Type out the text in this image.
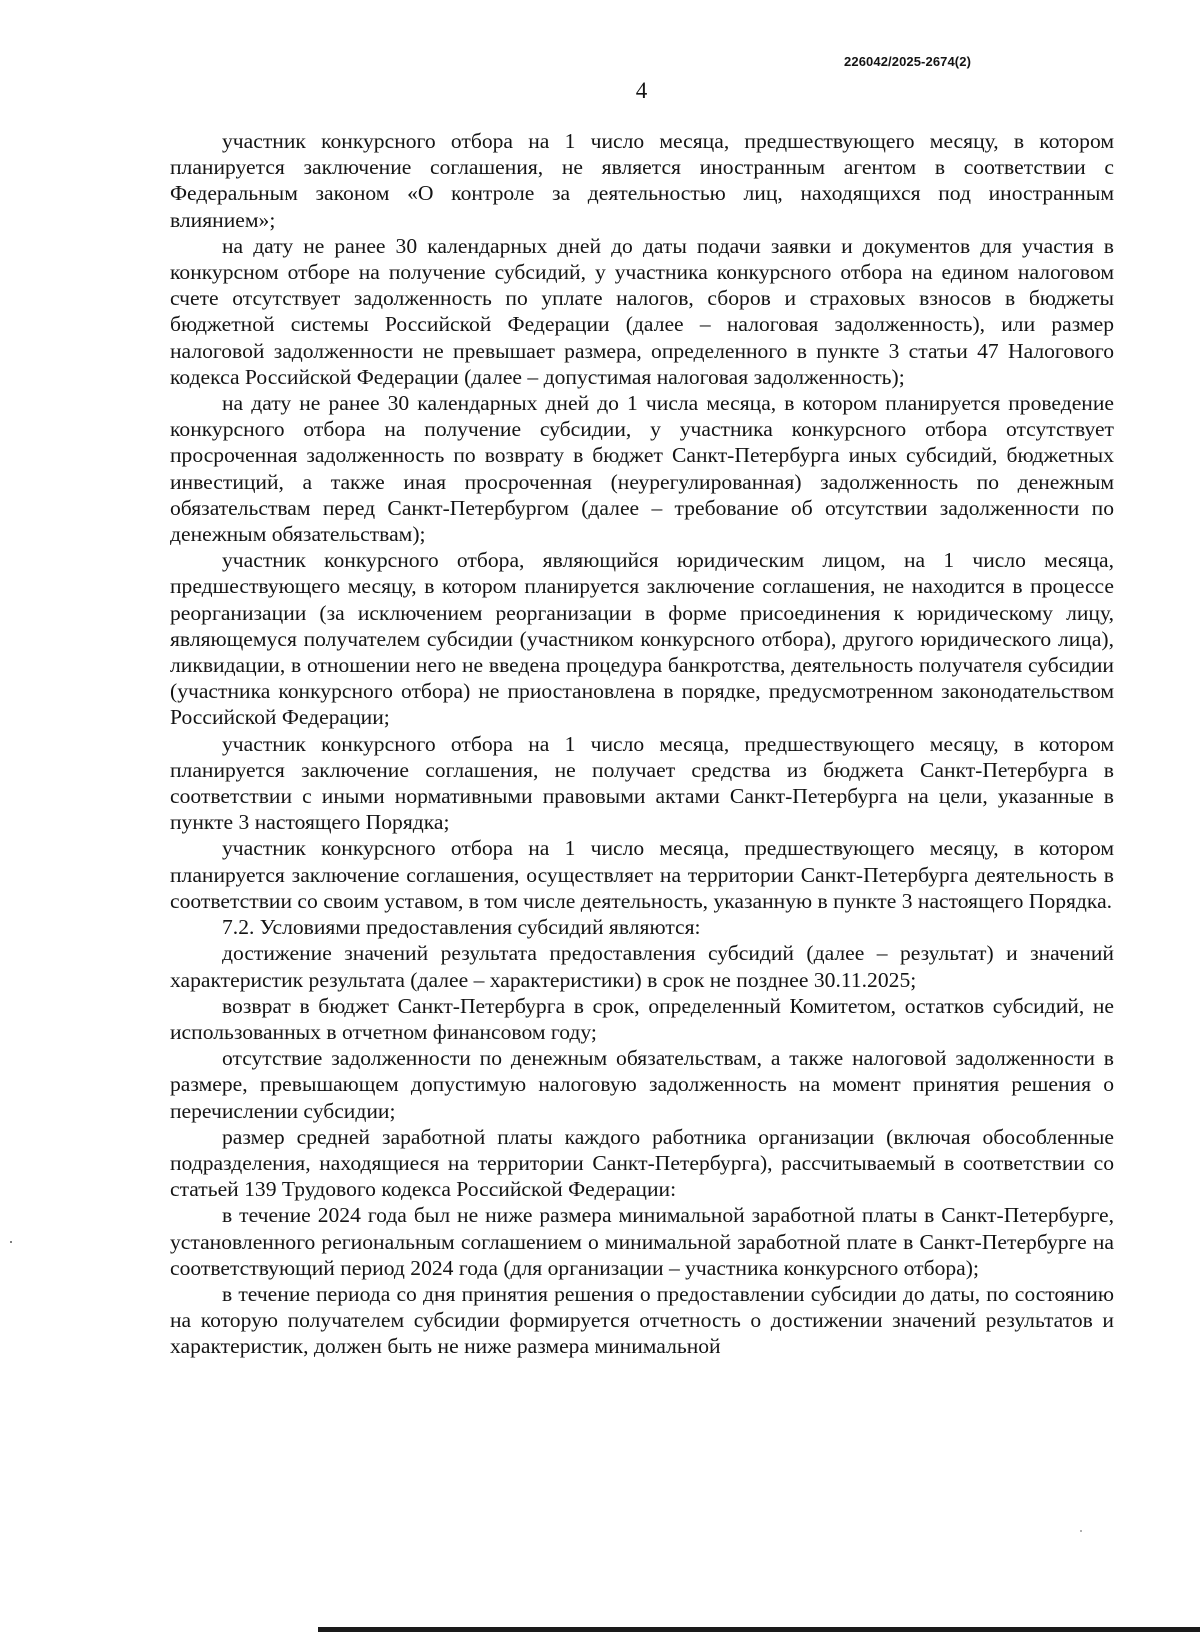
226042/2025-2674(2)
4

участник конкурсного отбора на 1 число месяца, предшествующего месяцу, в котором планируется заключение соглашения, не является иностранным агентом в соответствии с Федеральным законом «О контроле за деятельностью лиц, находящихся под иностранным влиянием»;

на дату не ранее 30 календарных дней до даты подачи заявки и документов для участия в конкурсном отборе на получение субсидий, у участника конкурсного отбора на едином налоговом счете отсутствует задолженность по уплате налогов, сборов и страховых взносов в бюджеты бюджетной системы Российской Федерации (далее – налоговая задолженность), или размер налоговой задолженности не превышает размера, определенного в пункте 3 статьи 47 Налогового кодекса Российской Федерации (далее – допустимая налоговая задолженность);

на дату не ранее 30 календарных дней до 1 числа месяца, в котором планируется проведение конкурсного отбора на получение субсидии, у участника конкурсного отбора отсутствует просроченная задолженность по возврату в бюджет Санкт-Петербурга иных субсидий, бюджетных инвестиций, а также иная просроченная (неурегулированная) задолженность по денежным обязательствам перед Санкт-Петербургом (далее – требование об отсутствии задолженности по денежным обязательствам);

участник конкурсного отбора, являющийся юридическим лицом, на 1 число месяца, предшествующего месяцу, в котором планируется заключение соглашения, не находится в процессе реорганизации (за исключением реорганизации в форме присоединения к юридическому лицу, являющемуся получателем субсидии (участником конкурсного отбора), другого юридического лица), ликвидации, в отношении него не введена процедура банкротства, деятельность получателя субсидии (участника конкурсного отбора) не приостановлена в порядке, предусмотренном законодательством Российской Федерации;

участник конкурсного отбора на 1 число месяца, предшествующего месяцу, в котором планируется заключение соглашения, не получает средства из бюджета Санкт-Петербурга в соответствии с иными нормативными правовыми актами Санкт-Петербурга на цели, указанные в пункте 3 настоящего Порядка;

участник конкурсного отбора на 1 число месяца, предшествующего месяцу, в котором планируется заключение соглашения, осуществляет на территории Санкт-Петербурга деятельность в соответствии со своим уставом, в том числе деятельность, указанную в пункте 3 настоящего Порядка.

7.2. Условиями предоставления субсидий являются:

достижение значений результата предоставления субсидий (далее – результат) и значений характеристик результата (далее – характеристики) в срок не позднее 30.11.2025;

возврат в бюджет Санкт-Петербурга в срок, определенный Комитетом, остатков субсидий, не использованных в отчетном финансовом году;

отсутствие задолженности по денежным обязательствам, а также налоговой задолженности в размере, превышающем допустимую налоговую задолженность на момент принятия решения о перечислении субсидии;

размер средней заработной платы каждого работника организации (включая обособленные подразделения, находящиеся на территории Санкт-Петербурга), рассчитываемый в соответствии со статьей 139 Трудового кодекса Российской Федерации:

в течение 2024 года был не ниже размера минимальной заработной платы в Санкт-Петербурге, установленного региональным соглашением о минимальной заработной плате в Санкт-Петербурге на соответствующий период 2024 года (для организации – участника конкурсного отбора);

в течение периода со дня принятия решения о предоставлении субсидии до даты, по состоянию на которую получателем субсидии формируется отчетность о достижении значений результатов и характеристик, должен быть не ниже размера минимальной
